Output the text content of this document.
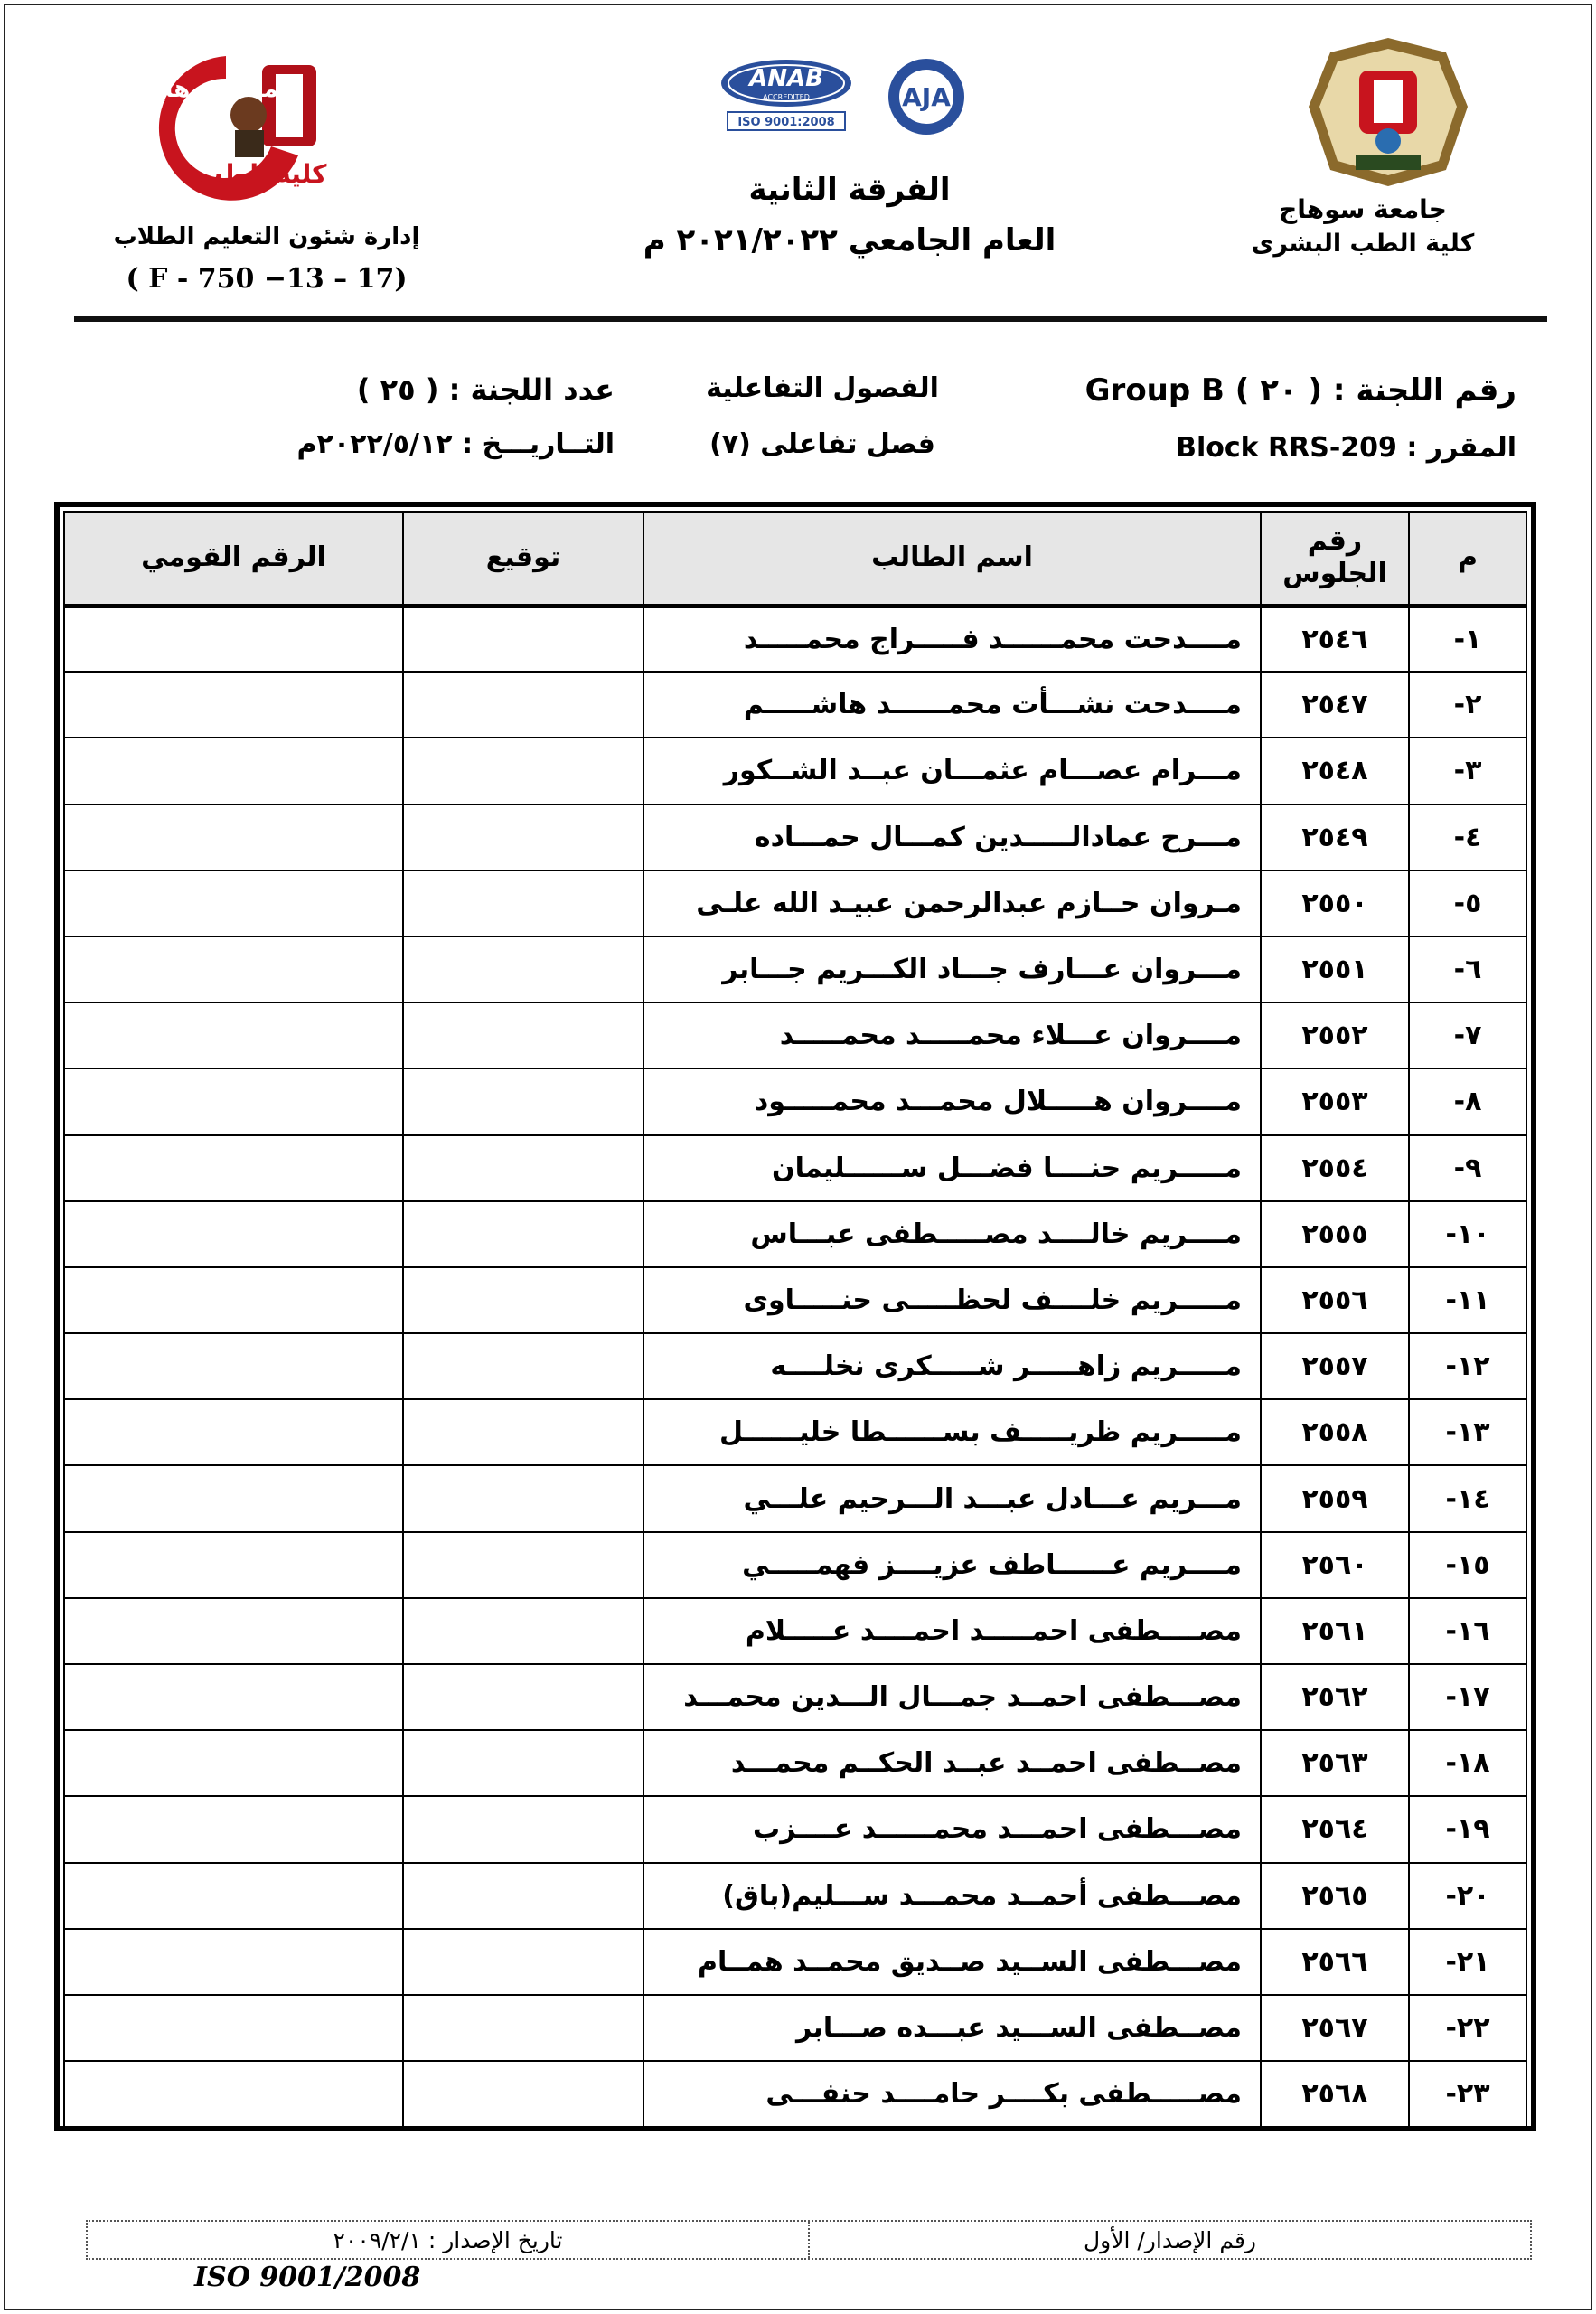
جامعة سوهاج
كلية الطب
ANAB
ACCREDITED
ISO 9001:2008
AJA
جامعة سوهاج
كلية الطب البشرى
الفرقة الثانية
العام الجامعي ٢٠٢١/٢٠٢٢ م
إدارة شئون التعليم الطلاب
( F - 750 −13 – 17)
رقم اللجنة : ( ٢٠ ) Group B
المقرر : Block RRS-209
الفصول التفاعلية
فصل تفاعلى (٧)
عدد اللجنة : ( ٢٥ )
التــاريـــخ : ٢٠٢٢/٥/١٢م
م	رقم الجلوس	اسم الطالب	توقيع	الرقم القومي
١-	٢٥٤٦	مــــدحت محمــــــد فـــــراج محمـــــد		
٢-	٢٥٤٧	مــــدحت نشـــأت محمــــــد هاشـــــم		
٣-	٢٥٤٨	مـــرام عصـــام عثمـــان عبــد الشــكور		
٤-	٢٥٤٩	مـــرح عمادالـــــدين كمـــال حمـــاده		
٥-	٢٥٥٠	مـروان حــازم عبدالرحمن عبيـد الله علـى		
٦-	٢٥٥١	مـــروان عـــارف جـــاد الكـــريم جـــابر		
٧-	٢٥٥٢	مــــروان عـــلاء محمـــــد محمـــــد		
٨-	٢٥٥٣	مــــروان هـــــلال محمـــد محمـــــود		
٩-	٢٥٥٤	مـــــريم حنــــا فضـــل ســــــليمان		
١٠-	٢٥٥٥	مــــريم خالــــد مصـــــطفى عبـــاس		
١١-	٢٥٥٦	مـــــريم خلــــف لحظـــــى حنـــــاوى		
١٢-	٢٥٥٧	مـــــريم زاهـــــر شـــــكرى نخلــــه		
١٣-	٢٥٥٨	مـــــريم ظريـــــف بســــــطا خليــــــل		
١٤-	٢٥٥٩	مـــريم عـــادل عبـــد الـــرحيم علـــي		
١٥-	٢٥٦٠	مــــريم عــــــاطف عزيــــز فهمـــــي		
١٦-	٢٥٦١	مصــــطفى احمـــــد احمــــد عـــــلام		
١٧-	٢٥٦٢	مصـــطفى احمــد جمـــال الـــدين محمـــد		
١٨-	٢٥٦٣	مصــطفى احمــد عبــد الحكــم محمـــد		
١٩-	٢٥٦٤	مصـــطفى احمـــد محمــــــد عــــزب		
٢٠-	٢٥٦٥	مصـــطفى أحمــد محمـــد ســـليم(باق)		
٢١-	٢٥٦٦	مصـــطفى الســيد صــديق محمــد همــام		
٢٢-	٢٥٦٧	مصــطفى الســـيد عبـــده صـــابر		
٢٣-	٢٥٦٨	مصـــــطفى بكــــر حامــــد حنفـــى		
رقم الإصدار/ الأول
تاريخ الإصدار : ٢٠٠٩/٢/١
ISO 9001/2008
